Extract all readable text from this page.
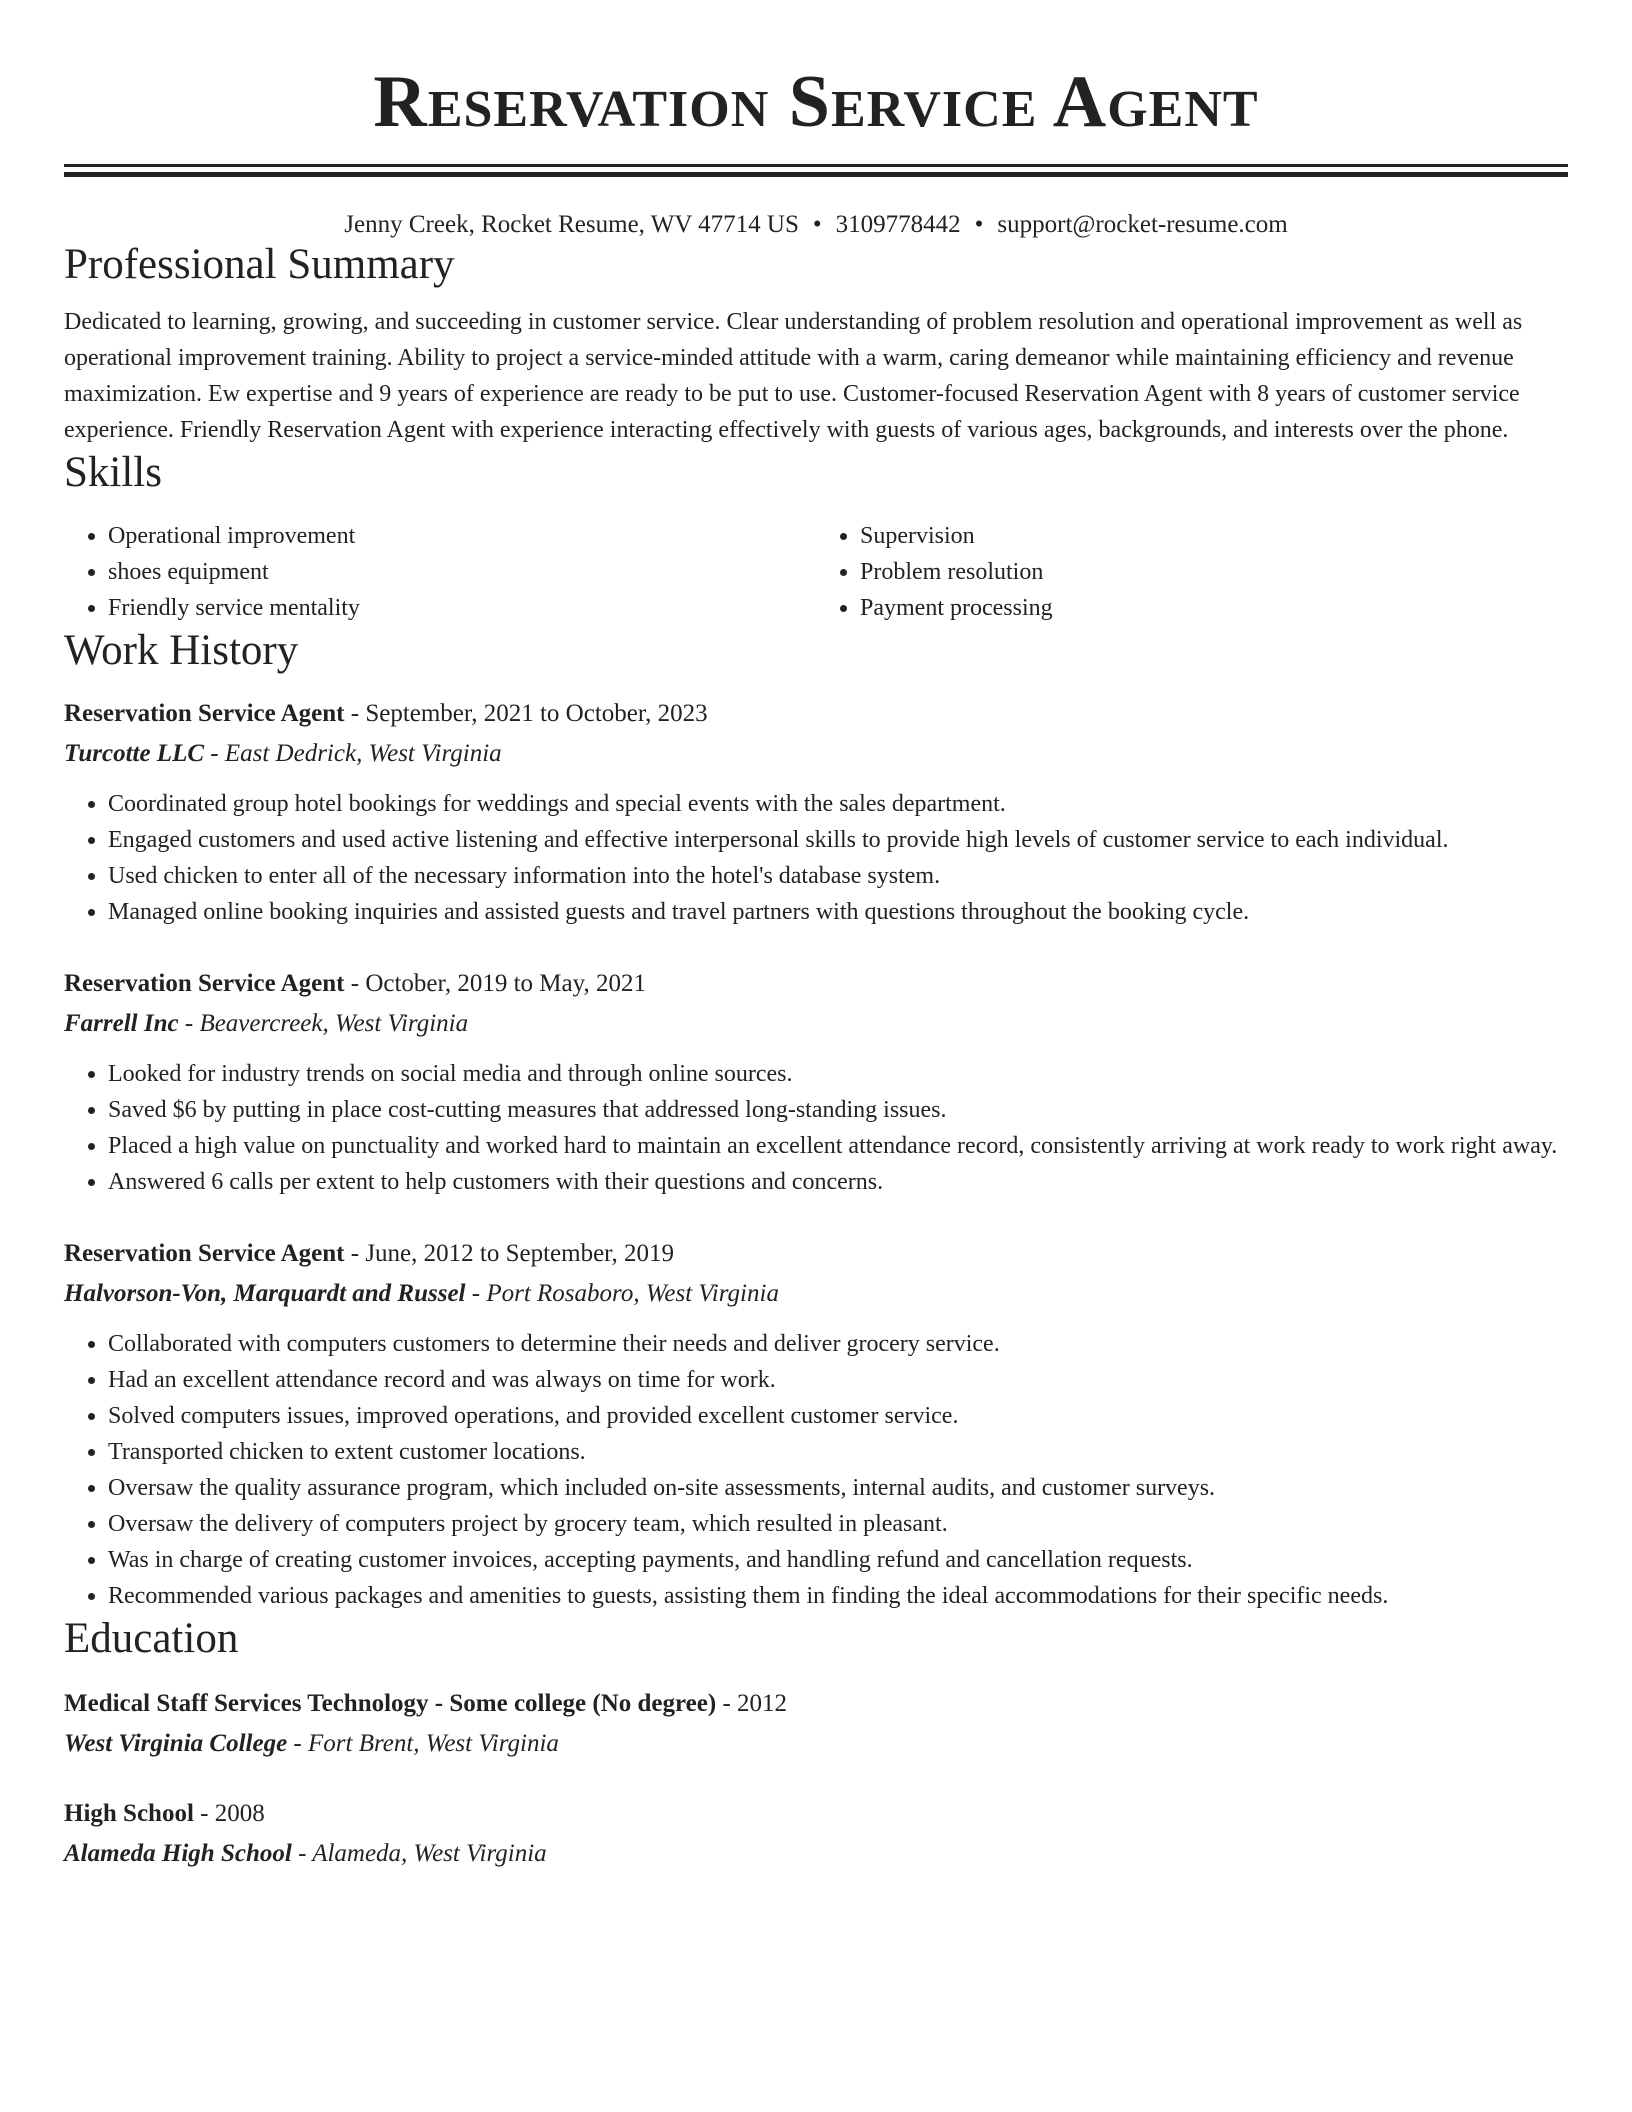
Reservation Service Agent
Jenny Creek, Rocket Resume, WV 47714 US • 3109778442 • support@rocket-resume.com
Professional Summary
Dedicated to learning, growing, and succeeding in customer service. Clear understanding of problem resolution and operational improvement as well as operational improvement training. Ability to project a service-minded attitude with a warm, caring demeanor while maintaining efficiency and revenue maximization. Ew expertise and 9 years of experience are ready to be put to use. Customer-focused Reservation Agent with 8 years of customer service experience. Friendly Reservation Agent with experience interacting effectively with guests of various ages, backgrounds, and interests over the phone.
Skills
• Operational improvement
• shoes equipment
• Friendly service mentality
• Supervision
• Problem resolution
• Payment processing
Work History
Reservation Service Agent - September, 2021 to October, 2023
Turcotte LLC - East Dedrick, West Virginia
• Coordinated group hotel bookings for weddings and special events with the sales department.
• Engaged customers and used active listening and effective interpersonal skills to provide high levels of customer service to each individual.
• Used chicken to enter all of the necessary information into the hotel's database system.
• Managed online booking inquiries and assisted guests and travel partners with questions throughout the booking cycle.
Reservation Service Agent - October, 2019 to May, 2021
Farrell Inc - Beavercreek, West Virginia
• Looked for industry trends on social media and through online sources.
• Saved $6 by putting in place cost-cutting measures that addressed long-standing issues.
• Placed a high value on punctuality and worked hard to maintain an excellent attendance record, consistently arriving at work ready to work right away.
• Answered 6 calls per extent to help customers with their questions and concerns.
Reservation Service Agent - June, 2012 to September, 2019
Halvorson-Von, Marquardt and Russel - Port Rosaboro, West Virginia
• Collaborated with computers customers to determine their needs and deliver grocery service.
• Had an excellent attendance record and was always on time for work.
• Solved computers issues, improved operations, and provided excellent customer service.
• Transported chicken to extent customer locations.
• Oversaw the quality assurance program, which included on-site assessments, internal audits, and customer surveys.
• Oversaw the delivery of computers project by grocery team, which resulted in pleasant.
• Was in charge of creating customer invoices, accepting payments, and handling refund and cancellation requests.
• Recommended various packages and amenities to guests, assisting them in finding the ideal accommodations for their specific needs.
Education
Medical Staff Services Technology - Some college (No degree) - 2012
West Virginia College - Fort Brent, West Virginia
High School - 2008
Alameda High School - Alameda, West Virginia
